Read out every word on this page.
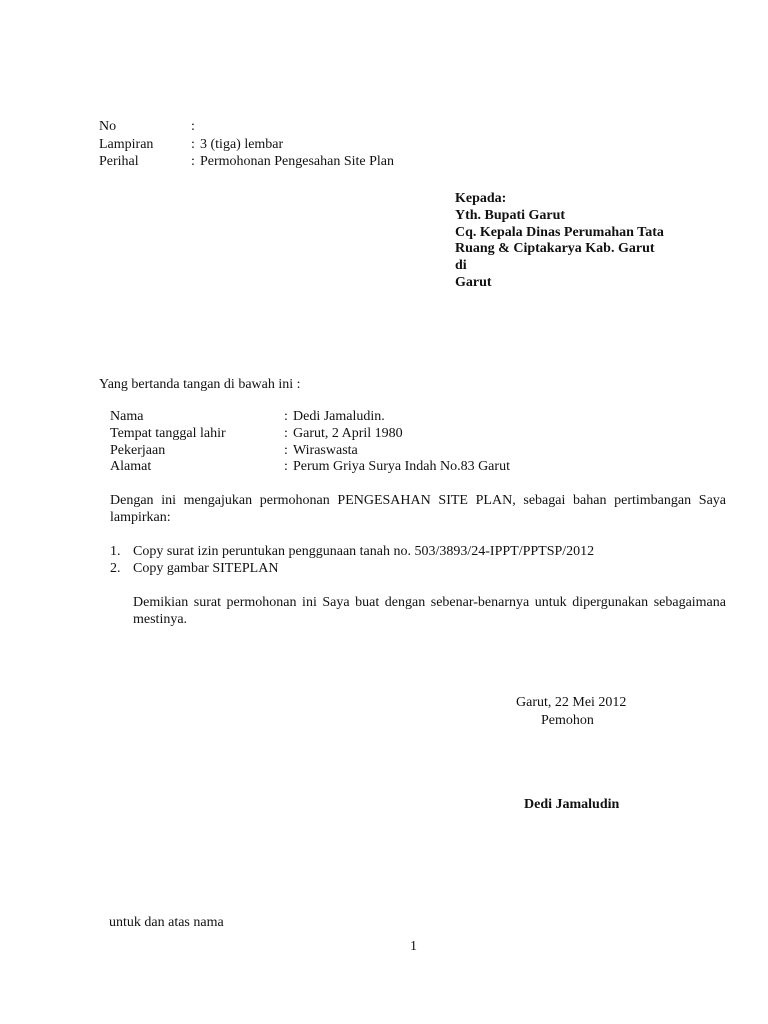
No	:
Lampiran	: 3 (tiga) lembar
Perihal	: Permohonan Pengesahan Site Plan
Kepada:
Yth. Bupati Garut
Cq. Kepala Dinas Perumahan Tata
Ruang & Ciptakarya Kab. Garut
di
Garut
Yang bertanda tangan di bawah ini :
Nama	: Dedi Jamaludin.
Tempat tanggal lahir	: Garut, 2 April 1980
Pekerjaan	: Wiraswasta
Alamat	: Perum Griya Surya Indah No.83 Garut
Dengan ini mengajukan permohonan PENGESAHAN SITE PLAN, sebagai bahan pertimbangan Saya lampirkan:
1. Copy surat izin peruntukan penggunaan tanah no. 503/3893/24-IPPT/PPTSP/2012
2. Copy gambar SITEPLAN
Demikian surat permohonan ini Saya buat dengan sebenar-benarnya untuk dipergunakan sebagaimana mestinya.
Garut, 22 Mei 2012
Pemohon
Dedi Jamaludin
untuk dan atas nama
1
